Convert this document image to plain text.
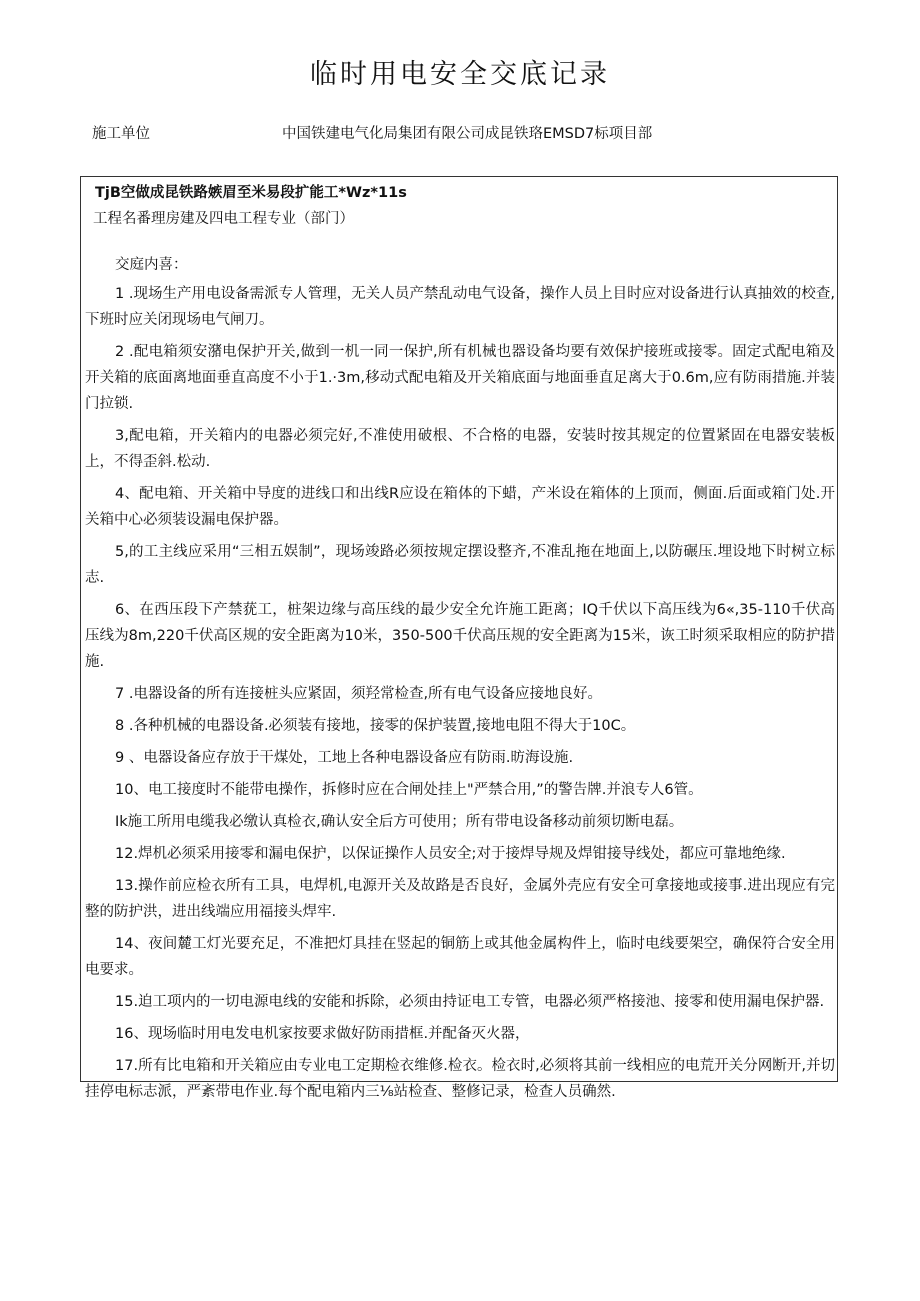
临时用电安全交底记录
施工单位	中国铁建电气化局集团有限公司成昆铁珞EMSD7标项目部
TjB空做成昆铁路嫉眉至米易段扩能工*Wz*11s
工程名番理房建及四电工程专业（部门）
交庭内喜：

1 .现场生产用电设备需派专人管理，无关人员产禁乱动电气设备，操作人员上目时应对设备进行认真抽效的校查,下班时应关闭现场电气闸刀。

2 .配电箱须安潴电保护开关,做到一机一同一保护,所有机械也器设备均要有效保护接班或接零。固定式配电箱及开关箱的底面离地面垂直高度不小于1.·3m,移动式配电箱及开关箱底面与地面垂直足离大于0.6m,应有防雨措施.并装门拉锁.

3,配电箱，开关箱内的电器必须完好,不准使用破根、不合格的电器，安装时按其规定的位置紧固在电器安装板上，不得歪斜.松动.

4、配电箱、开关箱中导度的进线口和出线R应设在箱体的下蜡，产米设在箱体的上顶而，侧面.后面或箱门处.开关箱中心必须装设漏电保护器。

5,的工主线应采用“三相五娱制”，现场竣路必须按规定摆设整齐,不准乱拖在地面上,以防碾压.埋设地下时树立标志.

6、在西压段下产禁莸工，桩架边缘与高压线的最少安全允许施工距离；IQ千伏以下高压线为6«,35-110千伏高压线为8m,220千伏高区规的安全距离为10米，350-500千伏高压规的安全距离为15米，诙工时须采取相应的防护措施.

7 .电器设备的所有连接桩头应紧固，须羟常检查,所有电气设备应接地良好。

8 .各种机械的电器设备.必须装有接地，接零的保护装置,接地电阻不得大于10C。

9 、电器设备应存放于干煤处，工地上各种电器设备应有防雨.昉海设施.

10、电工接度时不能带电操作，拆修时应在合闸处挂上"严禁合用,”的警告牌.并浪专人6管。

Ik施工所用电缆我必缴认真检衣,确认安全后方可使用；所有带电设备移动前须切断电磊。

12.焊机必须采用接零和漏电保护，以保证操作人员安全;对于接焊导规及焊钳接导线处，都应可靠地绝缘.

13.操作前应检衣所有工具，电焊机,电源开关及故路是否良好，金属外壳应有安全可拿接地或接事.进出现应有完整的防护洪，进出线端应用福接头焊牢.

14、夜间麓工灯光要充足，不准把灯具挂在竖起的铜筋上或其他金属构件上，临时电线要架空，确保符合安全用电要求。

15.迫工项内的一切电源电线的安能和拆除，必须由持证电工专管，电器必须严格接池、接零和使用漏电保护器.

16、现场临时用电发电机家按要求做好防雨措框.并配备灭火器，

17.所有比电箱和开关箱应由专业电工定期检衣维修.检衣。检衣时,必须将其前一线相应的电荒开关分网断开,并切挂停电标志派，严紊带电作业.每个配电箱内三⅛站检查、整修记录，检查人员确然.
